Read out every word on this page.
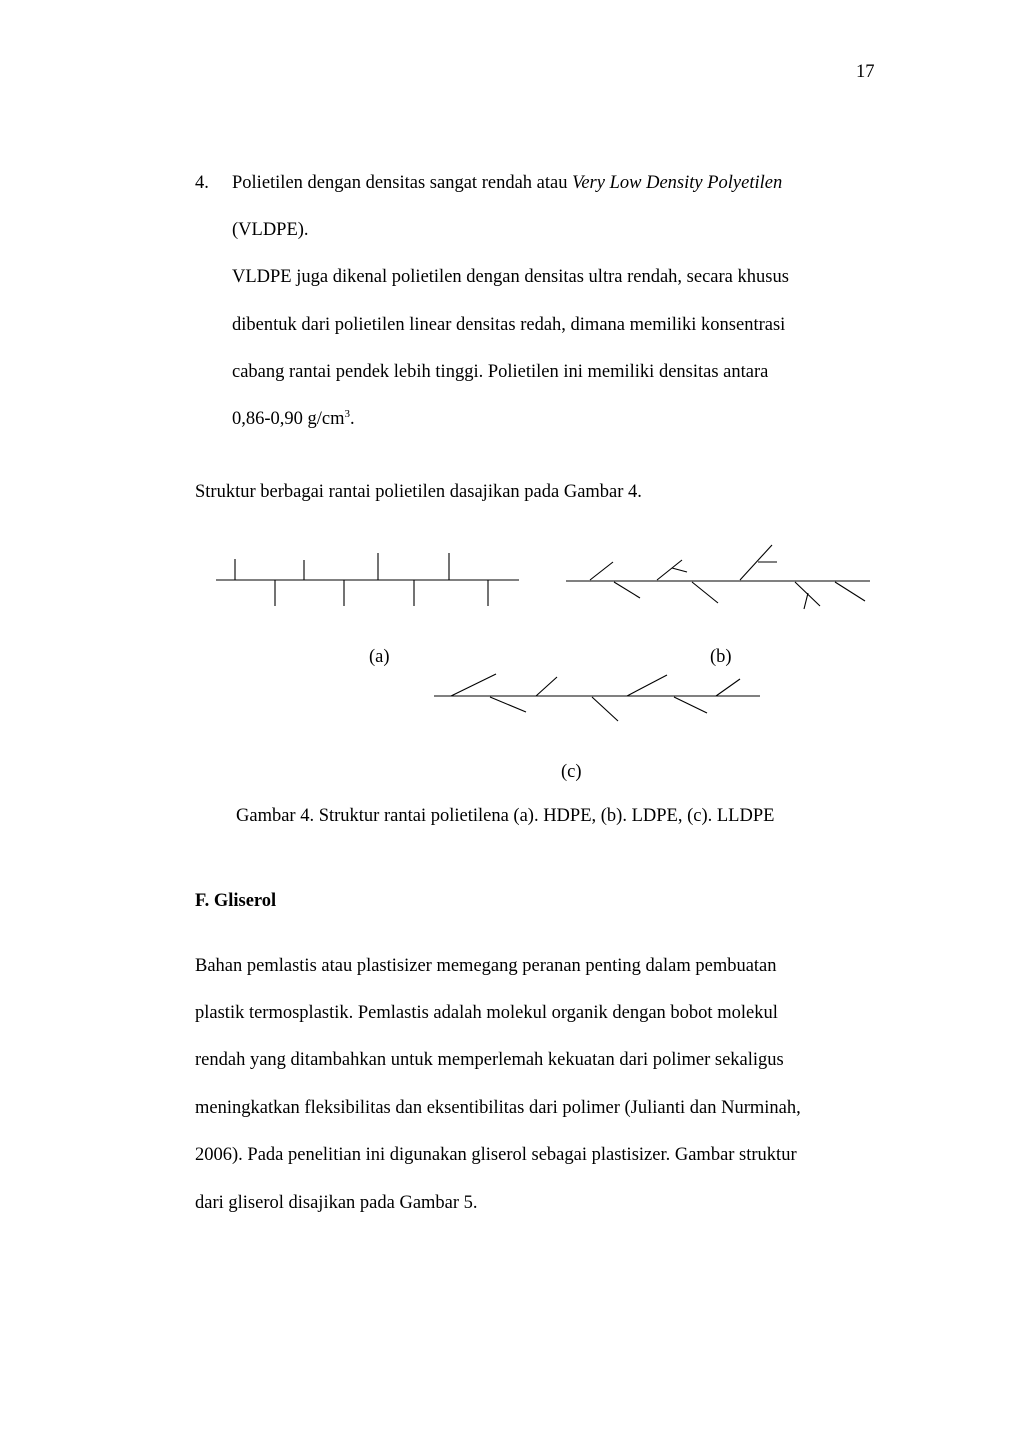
17
4. Polietilen dengan densitas sangat rendah atau Very Low Density Polyetilen
(VLDPE).
VLDPE juga dikenal polietilen dengan densitas ultra rendah, secara khusus
dibentuk dari polietilen linear densitas redah, dimana memiliki konsentrasi
cabang rantai pendek lebih tinggi. Polietilen ini memiliki densitas antara
0,86-0,90 $g/cm^3$.
Struktur berbagai rantai polietilen dasajikan pada Gambar 4.
(a)	(b)
(c)
Gambar 4. Struktur rantai polietilena (a). HDPE, (b). LDPE, (c). LLDPE
F. Gliserol
Bahan pemlastis atau plastisizer memegang peranan penting dalam pembuatan
plastik termosplastik. Pemlastis adalah molekul organik dengan bobot molekul
rendah yang ditambahkan untuk memperlemah kekuatan dari polimer sekaligus
meningkatkan fleksibilitas dan eksentibilitas dari polimer (Julianti dan Nurminah,
2006). Pada penelitian ini digunakan gliserol sebagai plastisizer. Gambar struktur
dari gliserol disajikan pada Gambar 5.
